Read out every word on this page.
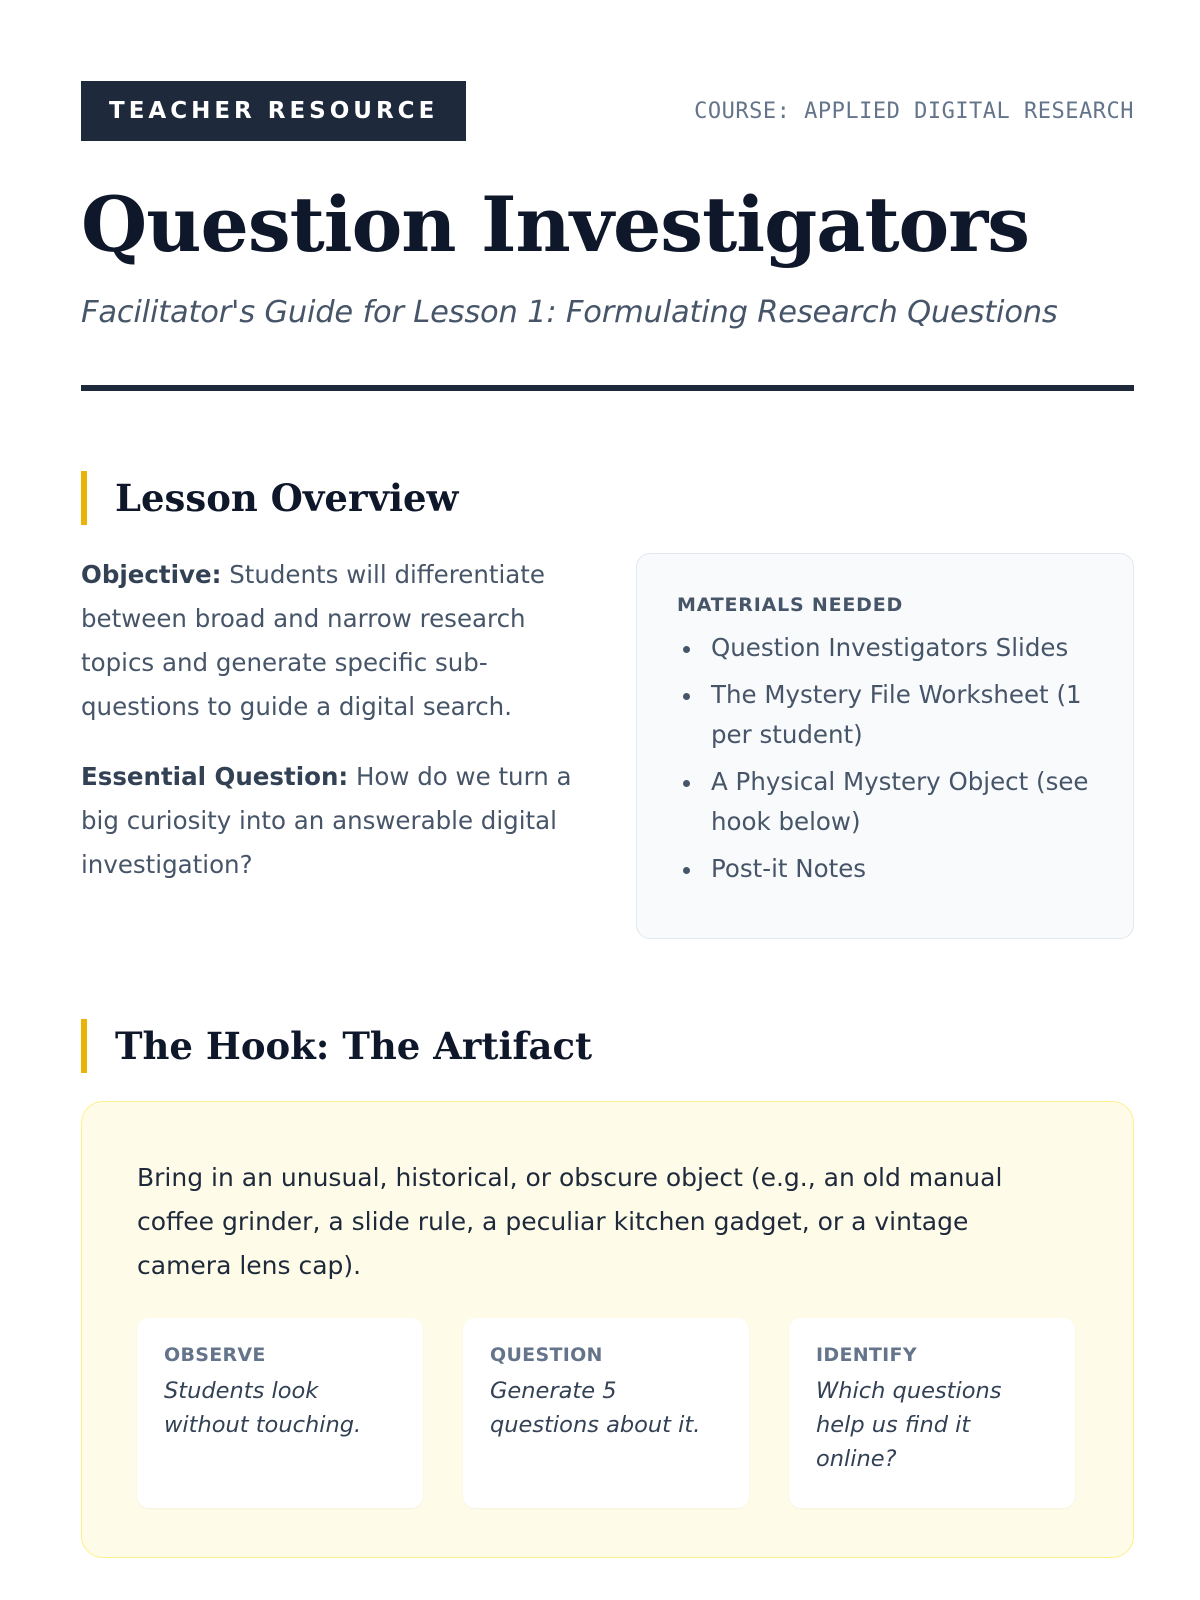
TEACHER RESOURCE	COURSE: APPLIED DIGITAL RESEARCH
Question Investigators
Facilitator's Guide for Lesson 1: Formulating Research Questions
Lesson Overview

Objective: Students will differentiate between broad and narrow research topics and generate specific sub-questions to guide a digital search.

Essential Question: How do we turn a big curiosity into an answerable digital investigation?

MATERIALS NEEDED
Question Investigators Slides
The Mystery File Worksheet (1 per student)
A Physical Mystery Object (see hook below)
Post-it Notes
The Hook: The Artifact
Bring in an unusual, historical, or obscure object (e.g., an old manual coffee grinder, a slide rule, a peculiar kitchen gadget, or a vintage camera lens cap).
OBSERVE
Students look without touching.
QUESTION
Generate 5 questions about it.
IDENTIFY
Which questions help us find it online?
